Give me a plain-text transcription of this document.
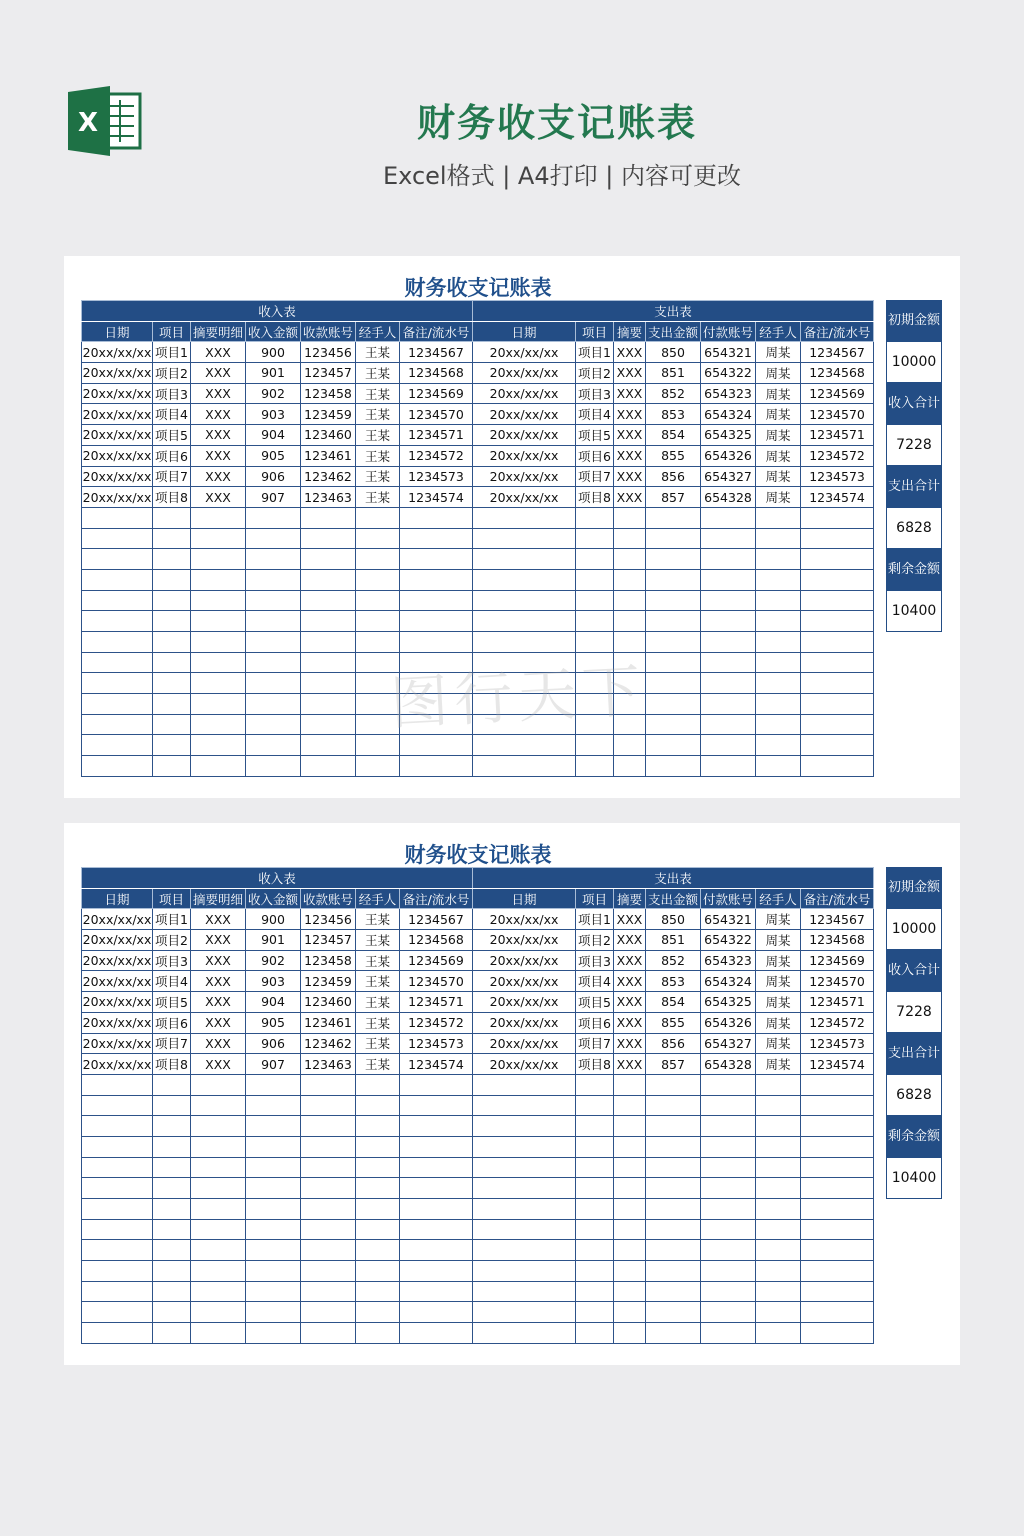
X	财务收支记账表
Excel格式 | A4打印 | 内容可更改
财务收支记账表
收入表							支出表						
日期	项目	摘要明细	收入金额	收款账号	经手人	备注/流水号	日期	项目	摘要	支出金额	付款账号	经手人	备注/流水号
20xx/xx/xx	项目1	XXX	900	123456	王某	1234567	20xx/xx/xx	项目1	XXX	850	654321	周某	1234567
20xx/xx/xx	项目2	XXX	901	123457	王某	1234568	20xx/xx/xx	项目2	XXX	851	654322	周某	1234568
20xx/xx/xx	项目3	XXX	902	123458	王某	1234569	20xx/xx/xx	项目3	XXX	852	654323	周某	1234569
20xx/xx/xx	项目4	XXX	903	123459	王某	1234570	20xx/xx/xx	项目4	XXX	853	654324	周某	1234570
20xx/xx/xx	项目5	XXX	904	123460	王某	1234571	20xx/xx/xx	项目5	XXX	854	654325	周某	1234571
20xx/xx/xx	项目6	XXX	905	123461	王某	1234572	20xx/xx/xx	项目6	XXX	855	654326	周某	1234572
20xx/xx/xx	项目7	XXX	906	123462	王某	1234573	20xx/xx/xx	项目7	XXX	856	654327	周某	1234573
20xx/xx/xx	项目8	XXX	907	123463	王某	1234574	20xx/xx/xx	项目8	XXX	857	654328	周某	1234574

初期金额
10000
收入合计
7228
支出合计
6828
剩余金额
10400
财务收支记账表
收入表							支出表						
日期	项目	摘要明细	收入金额	收款账号	经手人	备注/流水号	日期	项目	摘要	支出金额	付款账号	经手人	备注/流水号
20xx/xx/xx	项目1	XXX	900	123456	王某	1234567	20xx/xx/xx	项目1	XXX	850	654321	周某	1234567
20xx/xx/xx	项目2	XXX	901	123457	王某	1234568	20xx/xx/xx	项目2	XXX	851	654322	周某	1234568
20xx/xx/xx	项目3	XXX	902	123458	王某	1234569	20xx/xx/xx	项目3	XXX	852	654323	周某	1234569
20xx/xx/xx	项目4	XXX	903	123459	王某	1234570	20xx/xx/xx	项目4	XXX	853	654324	周某	1234570
20xx/xx/xx	项目5	XXX	904	123460	王某	1234571	20xx/xx/xx	项目5	XXX	854	654325	周某	1234571
20xx/xx/xx	项目6	XXX	905	123461	王某	1234572	20xx/xx/xx	项目6	XXX	855	654326	周某	1234572
20xx/xx/xx	项目7	XXX	906	123462	王某	1234573	20xx/xx/xx	项目7	XXX	856	654327	周某	1234573
20xx/xx/xx	项目8	XXX	907	123463	王某	1234574	20xx/xx/xx	项目8	XXX	857	654328	周某	1234574

初期金额
10000
收入合计
7228
支出合计
6828
剩余金额
10400
图行天下
